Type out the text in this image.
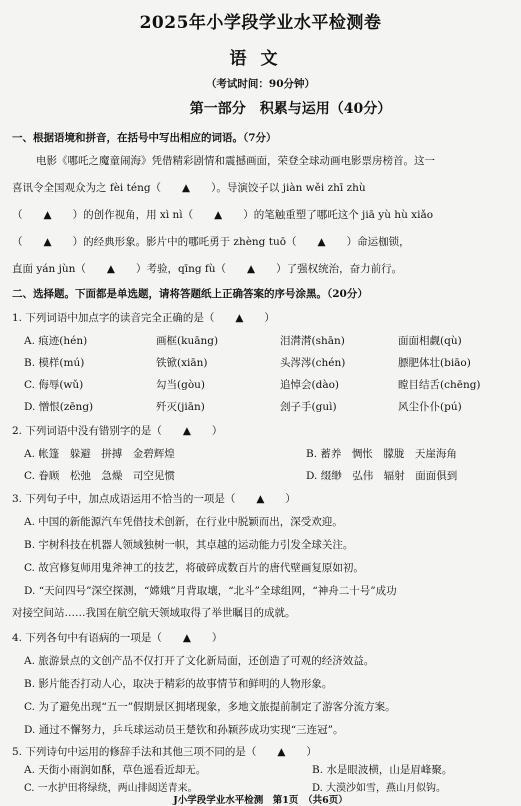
2025年小学段学业水平检测卷
语文
（考试时间：90分钟）
第一部分　积累与运用（40分）
一、根据语境和拼音，在括号中写出相应的词语。（7分）
电影《哪吒之魔童闹海》凭借精彩剧情和震撼画面，荣登全球动画电影票房榜首。这一
喜讯令全国观众为之 fèi téng（　　▲　　）。导演饺子以 jiàn wěi zhī zhù
（　　▲　　）的创作视角，用 xì nì（　　▲　　）的笔触重塑了哪吒这个 jiā yù hù xiǎo
（　　▲　　）的经典形象。影片中的哪吒勇于 zhèng tuō（　　▲　　）命运枷锁，
直面 yán jùn（　　▲　　）考验，qīng fù（　　▲　　）了强权统治，奋力前行。
二、选择题。下面都是单选题，请将答题纸上正确答案的序号涂黑。（20分）
1. 下列词语中加点字的读音完全正确的是（　　▲　　）
A. 痕迹(hén)	画框(kuāng)	泪潸潸(shān)	面面相觑(qù)
B. 模样(mú)	铁锨(xiān)	头涔涔(chén)	膘肥体壮(biāo)
C. 侮辱(wǔ)	勾当(gòu)	追悼会(dào)	瞠目结舌(chēng)
D. 憎恨(zēng)	歼灭(jiān)	刽子手(guì)	风尘仆仆(pú)
2. 下列词语中没有错别字的是（　　▲　　）
A. 帐篷　躲避　拼搏　金碧辉煌	B. 蓄养　惆怅　朦胧　天崖海角
C. 眷顾　松弛　急燥　司空见惯	D. 缀缈　弘伟　辐射　面面俱到
3. 下列句子中，加点成语运用不恰当的一项是（　　▲　　）
A. 中国的新能源汽车凭借技术创新，在行业中脱颖而出，深受欢迎。
B. 宇树科技在机器人领域独树一帜，其卓越的运动能力引发全球关注。
C. 故宫修复师用鬼斧神工的技艺，将破碎成数百片的唐代壁画复原如初。
D. “天问四号”深空探测，“嫦娥”月背取壤，“北斗”全球组网，“神舟二十号”成功
对接空间站……我国在航空航天领域取得了举世瞩目的成就。
4. 下列各句中有语病的一项是（　　▲　　）
A. 旅游景点的文创产品不仅打开了文化新局面，还创造了可观的经济效益。
B. 影片能否打动人心，取决于精彩的故事情节和鲜明的人物形象。
C. 为了避免出现“五一”假期景区拥堵现象，多地文旅提前制定了游客分流方案。
D. 通过不懈努力，乒乓球运动员王楚钦和孙颖莎成功实现“三连冠”。
5. 下列诗句中运用的修辞手法和其他三项不同的是（　　▲　　）
A. 天街小雨润如酥，草色遥看近却无。	B. 水是眼波横，山是眉峰聚。
C. 一水护田将绿绕，两山排闼送青来。	D. 大漠沙如雪，燕山月似钩。
J小学段学业水平检测　第1页　（共6页）
